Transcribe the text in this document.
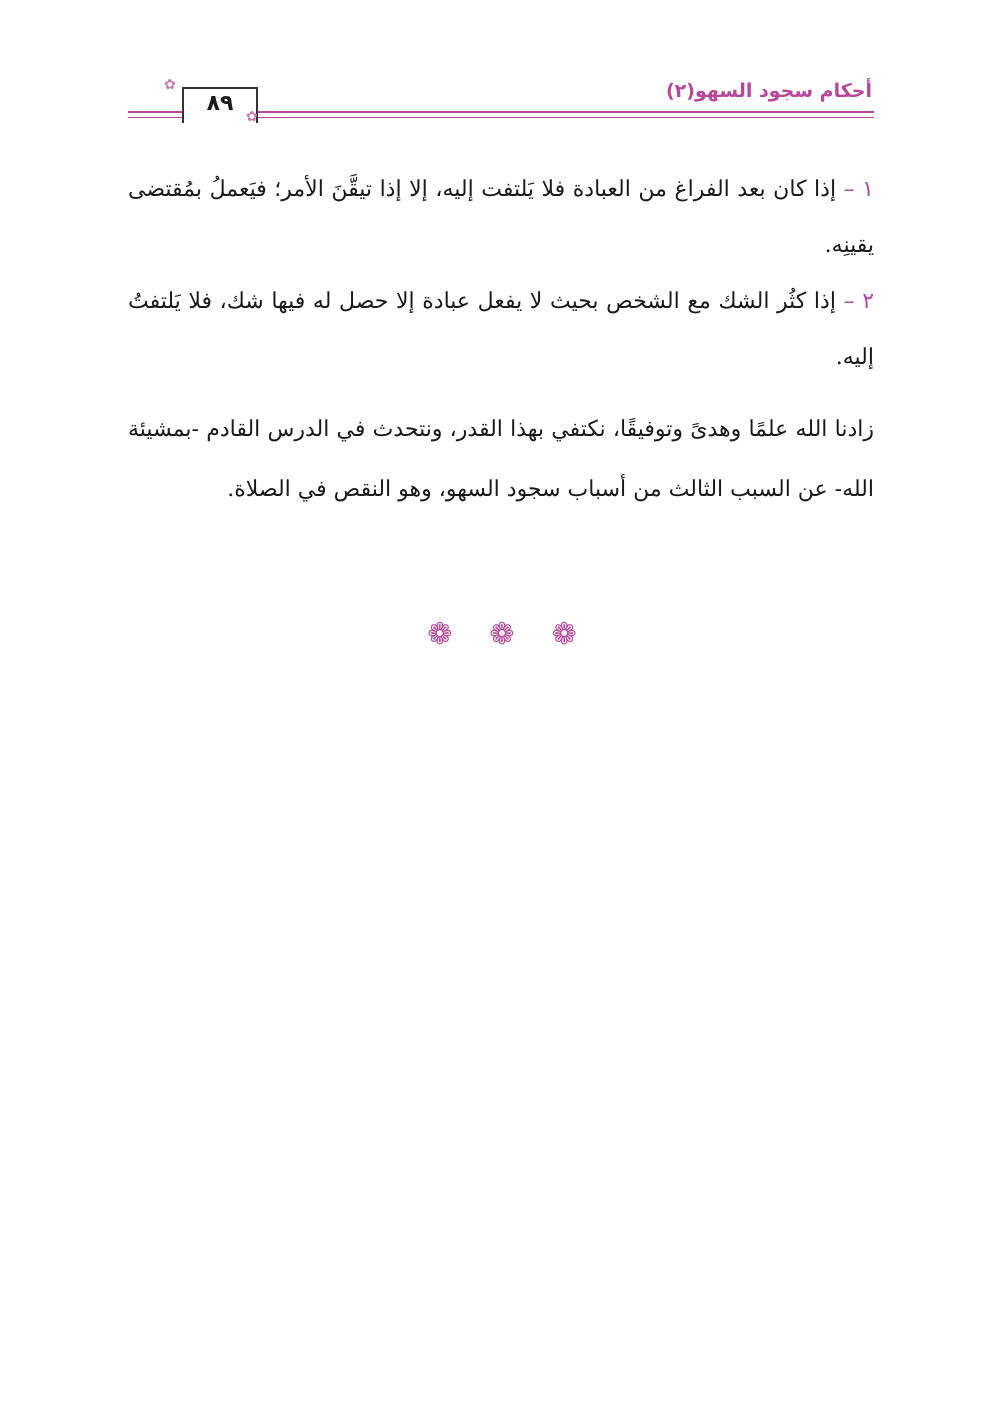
أحكام سجود السهو(٢)
٨٩
✿
✿

١ – إذا كان بعد الفراغ من العبادة فلا يَلتفت إليه، إلا إذا تيقَّنَ الأمر؛ فيَعملُ بمُقتضى يقينِه.

٢ – إذا كثُر الشك مع الشخص بحيث لا يفعل عبادة إلا حصل له فيها شك، فلا يَلتفتُ إليه.

زادنا الله علمًا وهدىً وتوفيقًا، نكتفي بهذا القدر، ونتحدث في الدرس القادم -بمشيئة الله- عن السبب الثالث من أسباب سجود السهو، وهو النقص في الصلاة.

❁ ❁ ❁
